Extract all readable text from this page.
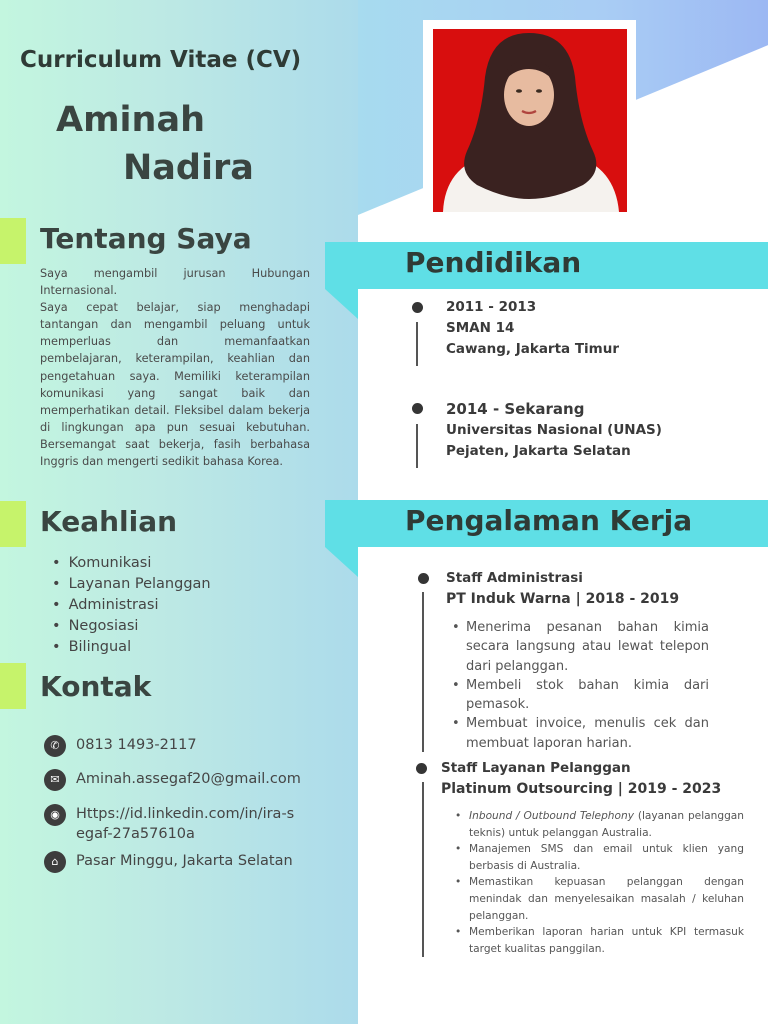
Curriculum Vitae (CV)
Aminah
Nadira
Tentang Saya

Saya mengambil jurusan Hubungan Internasional.

Saya cepat belajar, siap menghadapi tantangan dan mengambil peluang untuk memperluas dan memanfaatkan pembelajaran, keterampilan, keahlian dan pengetahuan saya. Memiliki keterampilan komunikasi yang sangat baik dan memperhatikan detail. Fleksibel dalam bekerja di lingkungan apa pun sesuai kebutuhan. Bersemangat saat bekerja, fasih berbahasa Inggris dan mengerti sedikit bahasa Korea.

Keahlian
• Komunikasi
• Layanan Pelanggan
• Administrasi
• Negosiasi
• Bilingual
Kontak
✆	0813 1493-2117
✉	Aminah.assegaf20@gmail.com
◉	Https://id.linkedin.com/in/ira-segaf-27a57610a
⌂	Pasar Minggu, Jakarta Selatan
Pendidikan
2011 - 2013
SMAN 14
Cawang, Jakarta Timur
2014 - Sekarang
Universitas Nasional (UNAS)
Pejaten, Jakarta Selatan
Pengalaman Kerja
Staff Administrasi
PT Induk Warna | 2018 - 2019
• Menerima pesanan bahan kimia secara langsung atau lewat telepon dari pelanggan.
• Membeli stok bahan kimia dari pemasok.
• Membuat invoice, menulis cek dan membuat laporan harian.
Staff Layanan Pelanggan
Platinum Outsourcing | 2019 - 2023
• Inbound / Outbound Telephony (layanan pelanggan teknis) untuk pelanggan Australia.
• Manajemen SMS dan email untuk klien yang berbasis di Australia.
• Memastikan kepuasan pelanggan dengan menindak dan menyelesaikan masalah / keluhan pelanggan.
• Memberikan laporan harian untuk KPI termasuk target kualitas panggilan.
